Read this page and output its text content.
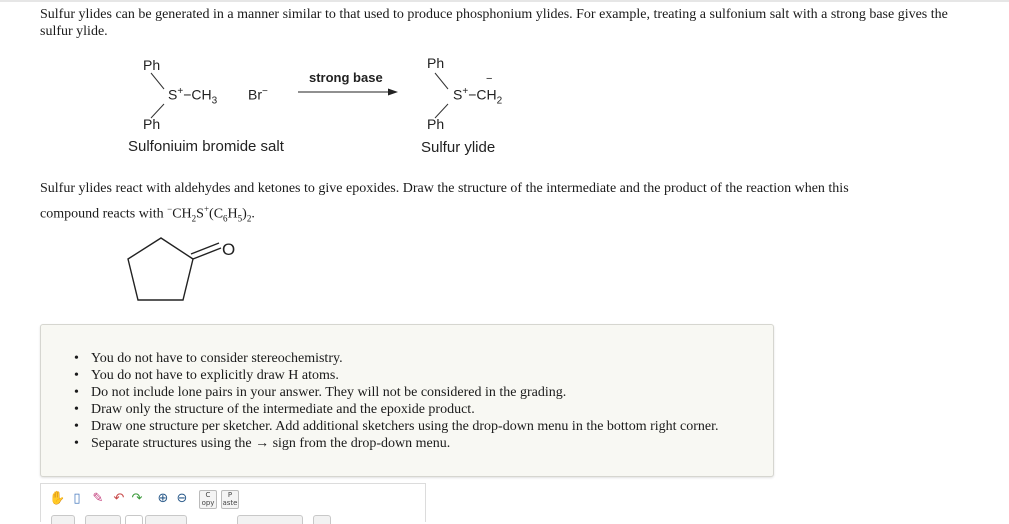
Sulfur ylides can be generated in a manner similar to that used to produce phosphonium ylides. For example, treating a sulfonium salt with a strong base gives the sulfur ylide.
Ph
$S^+-CH_3$ Br−
Ph
Sulfoniuim bromide salt
strong base
Ph
$S^+-CH_2$
−
Ph
Sulfur ylide
Sulfur ylides react with aldehydes and ketones to give epoxides. Draw the structure of the intermediate and the product of the reaction when this
compound reacts with $^-CH_2S^+(C_6H_5)_2$.
O
• You do not have to consider stereochemistry.
• You do not have to explicitly draw H atoms.
• Do not include lone pairs in your answer. They will not be considered in the grading.
• Draw only the structure of the intermediate and the epoxide product.
• Draw one structure per sketcher. Add additional sketchers using the drop-down menu in the bottom right corner.
• Separate structures using the → sign from the drop-down menu.
✋ ▯ ✎ ↶ ↷ ⊕ ⊖	C
opy
P
aste
